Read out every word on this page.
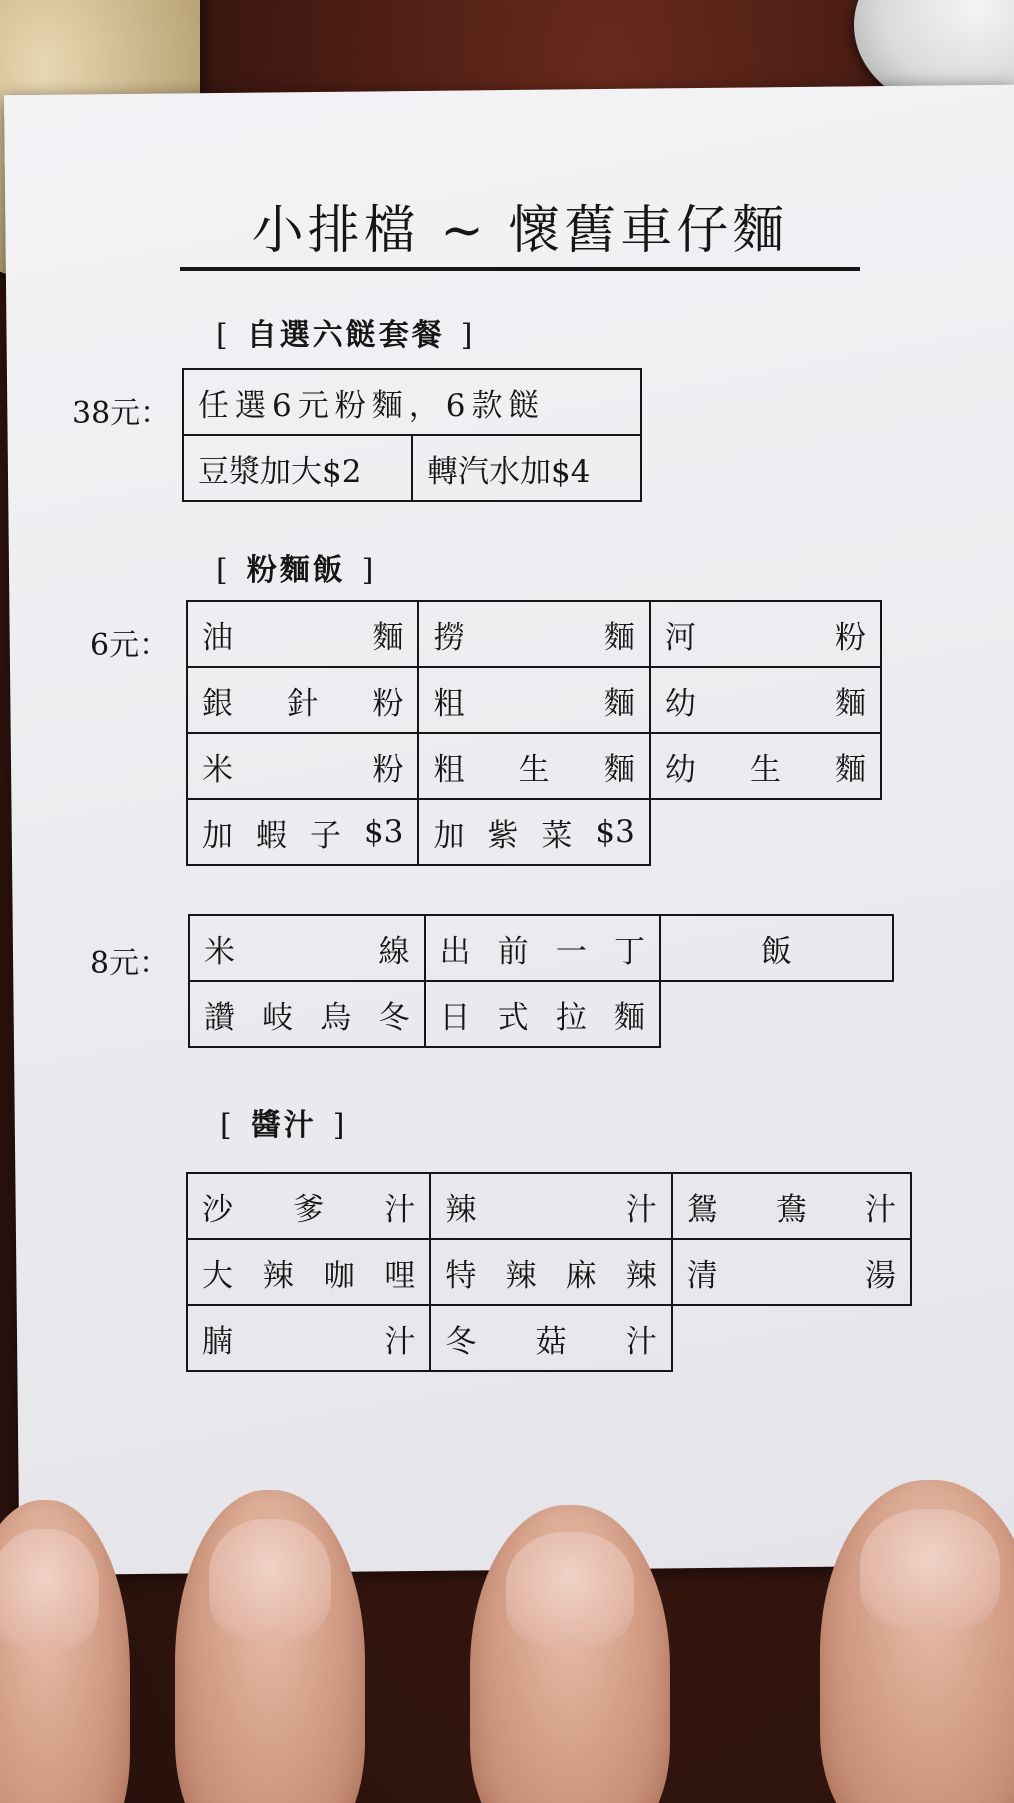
小排檔 ~ 懷舊車仔麵
[ 自選六餸套餐 ]
38元： 任選6元粉麵，6款餸
豆漿加大$2	轉汽水加$4
[ 粉麵飯 ]
6元： 油 麵	撈 麵	河 粉

銀 針 粉	粗 麵	幼 麵

米 粉	粗 生 麵	幼 生 麵

加 蝦 子 $3	加 紫 菜 $3	

8元： 米 線	出 前 一 丁	飯

讚 岐 烏 冬	日 式 拉 麵	

[ 醬汁 ]
沙 爹 汁	辣 汁	鴛 鴦 汁

大 辣 咖 哩	特 辣 麻 辣	清 湯

腩 汁	冬 菇 汁	
